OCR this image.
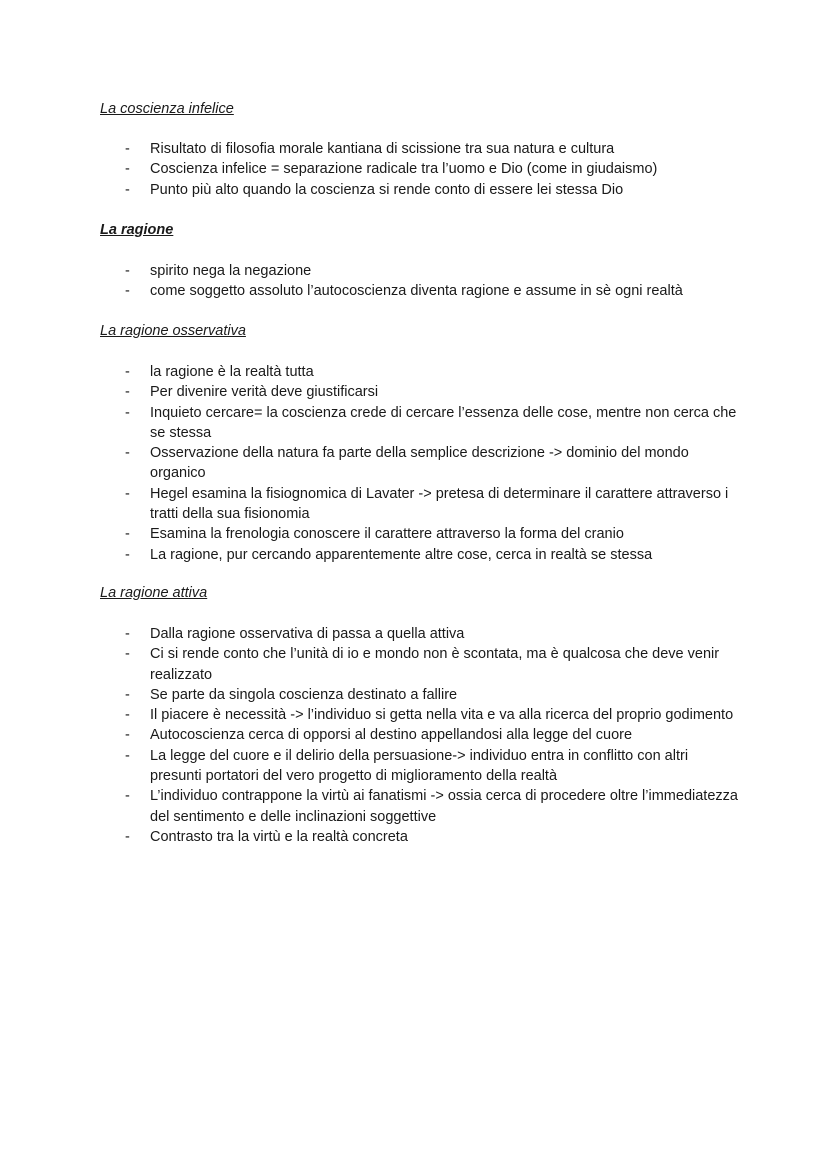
La coscienza infelice

- Risultato di filosofia morale kantiana di scissione tra sua natura e cultura
- Coscienza infelice = separazione radicale tra l’uomo e Dio (come in giudaismo)
- Punto più alto quando la coscienza si rende conto di essere lei stessa Dio

La ragione

- spirito nega la negazione
- come soggetto assoluto l’autocoscienza diventa ragione e assume in sè ogni realtà

La ragione osservativa

- la ragione è la realtà tutta
- Per divenire verità deve giustificarsi
- Inquieto cercare= la coscienza crede di cercare l’essenza delle cose, mentre non cerca che se stessa
- Osservazione della natura fa parte della semplice descrizione -> dominio del mondo organico
- Hegel esamina la fisiognomica di Lavater -> pretesa di determinare il carattere attraverso i tratti della sua fisionomia
- Esamina la frenologia conoscere il carattere attraverso la forma del cranio
- La ragione, pur cercando apparentemente altre cose, cerca in realtà se stessa

La ragione attiva

- Dalla ragione osservativa di passa a quella attiva
- Ci si rende conto che l’unità di io e mondo non è scontata, ma è qualcosa che deve venir realizzato
- Se parte da singola coscienza destinato a fallire
- Il piacere è necessità -> l’individuo si getta nella vita e va alla ricerca del proprio godimento
- Autocoscienza cerca di opporsi al destino appellandosi alla legge del cuore
- La legge del cuore e il delirio della persuasione-> individuo entra in conflitto con altri presunti portatori del vero progetto di miglioramento della realtà
- L’individuo contrappone la virtù ai fanatismi -> ossia cerca di procedere oltre l’immediatezza del sentimento e delle inclinazioni soggettive
- Contrasto tra la virtù e la realtà concreta
